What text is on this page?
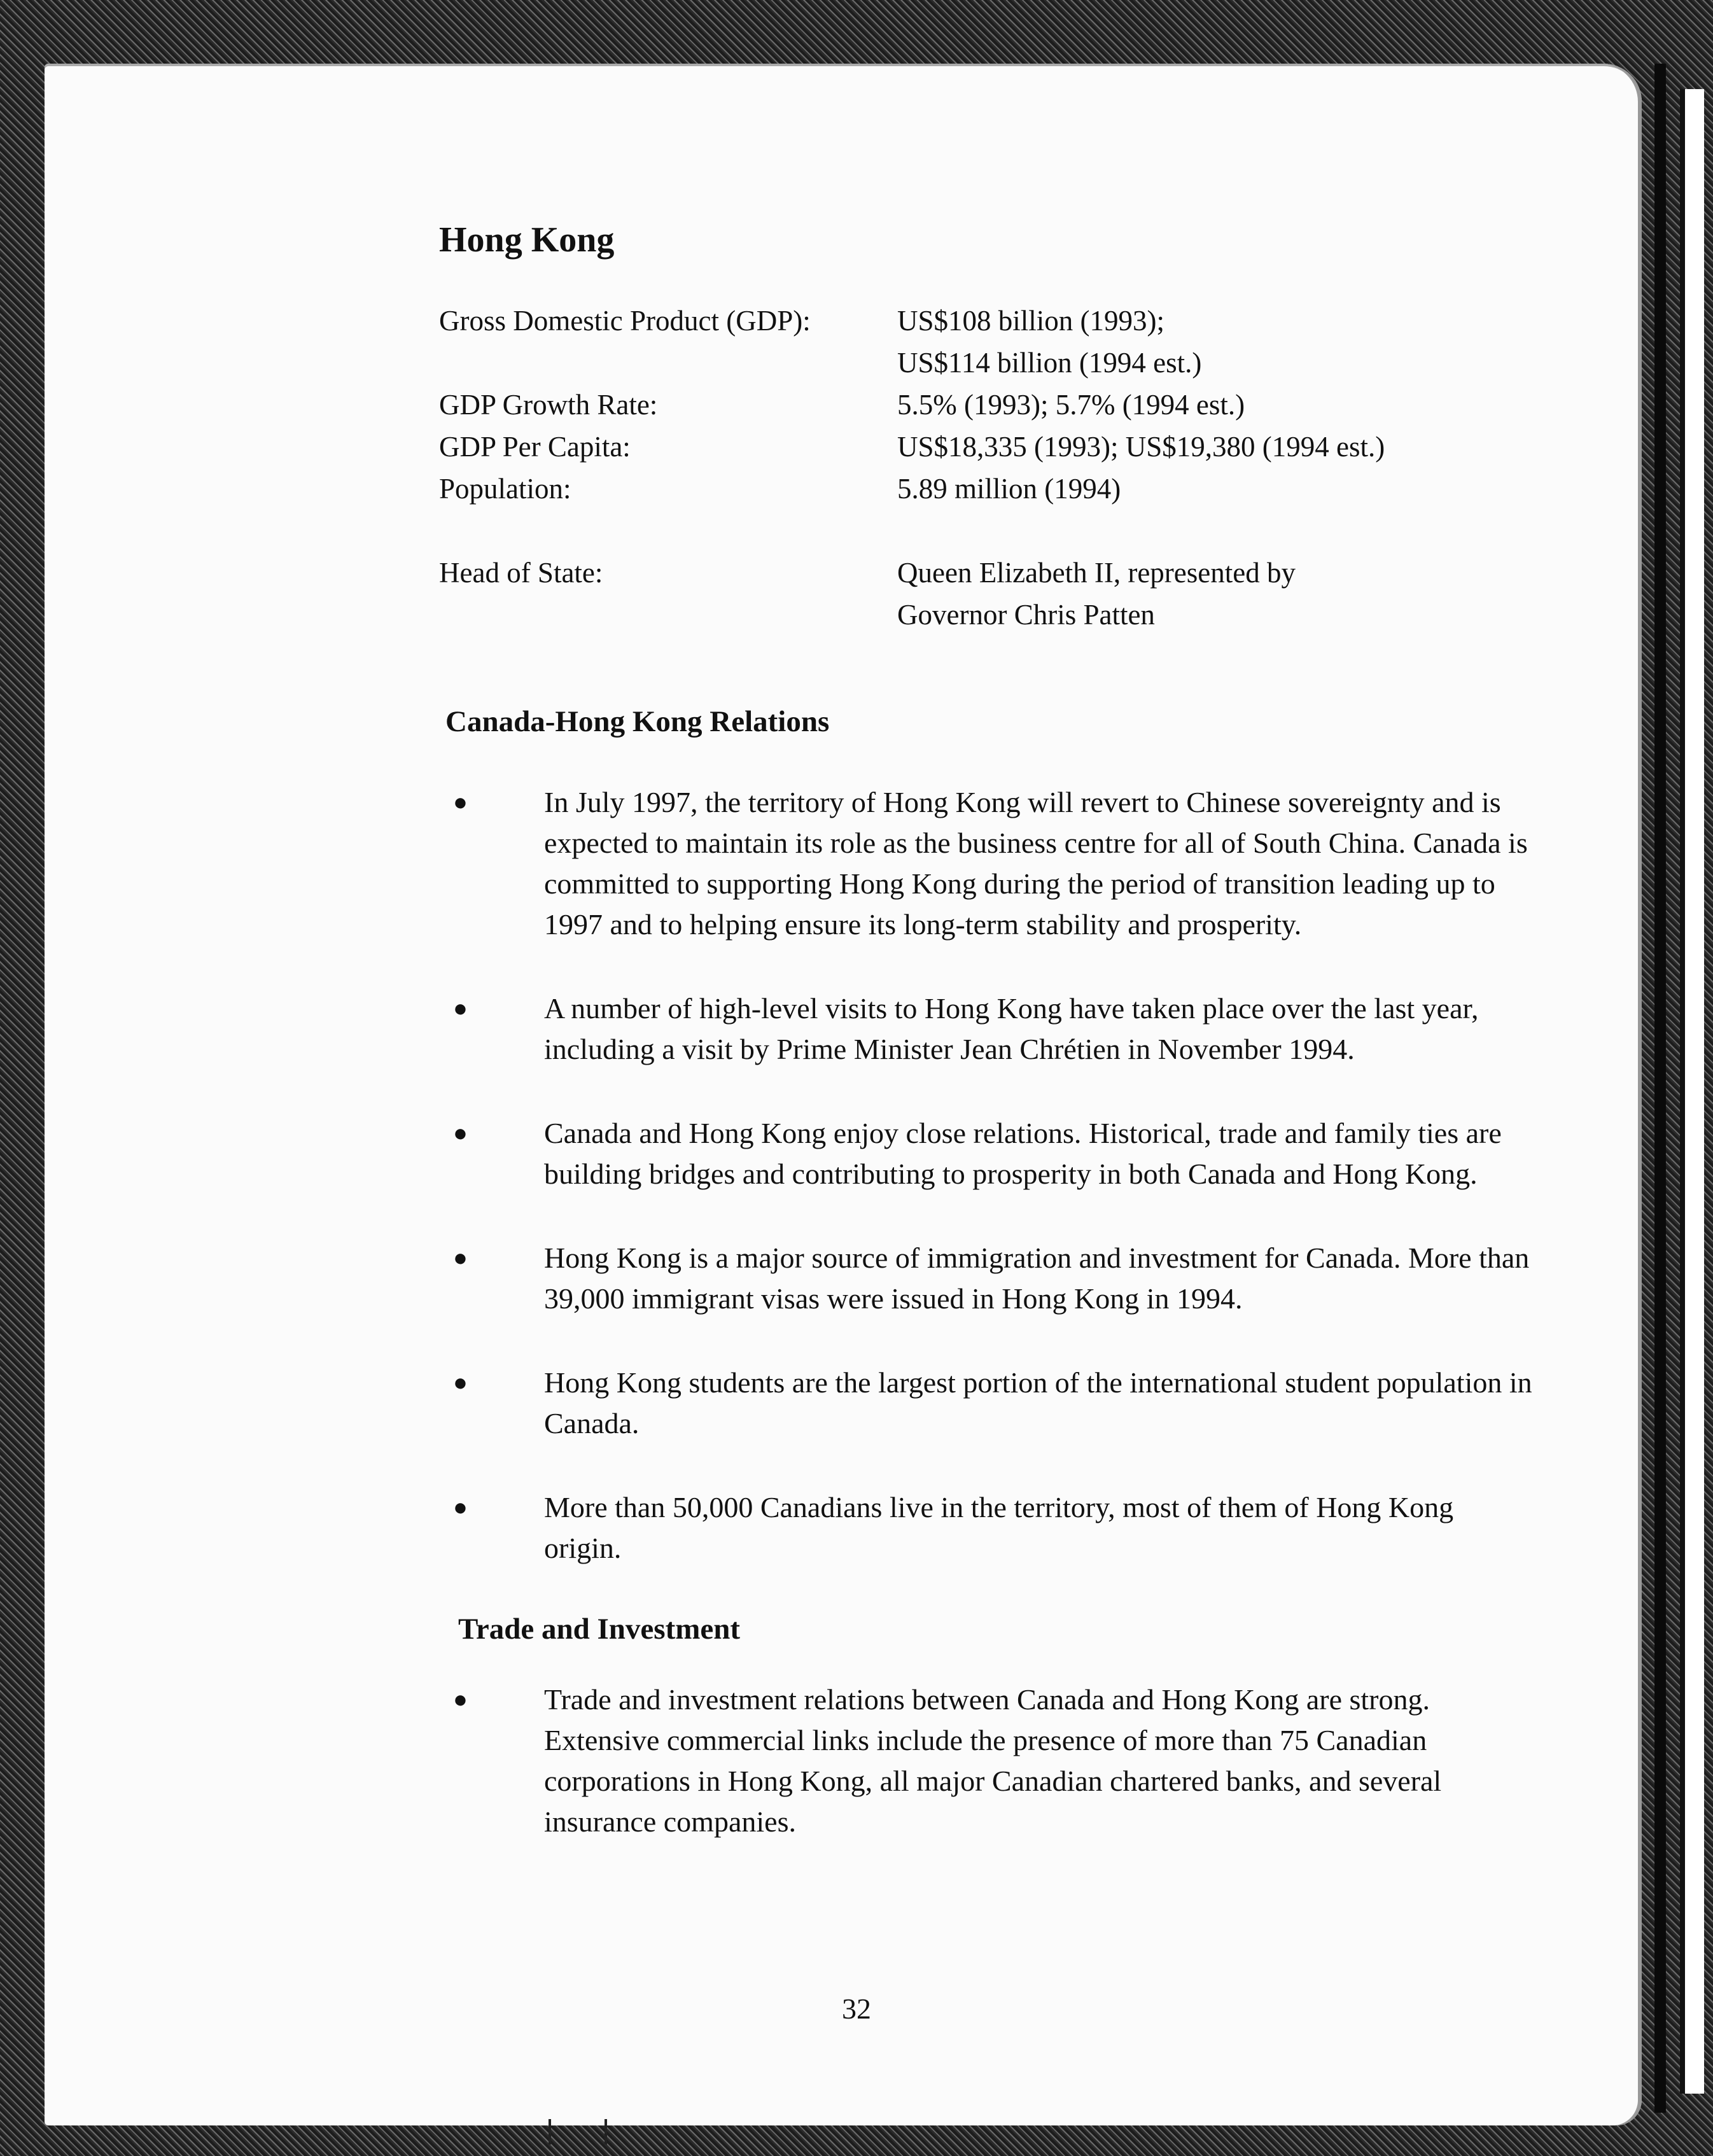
Hong Kong
Gross Domestic Product (GDP):	US$108 billion (1993);
US$114 billion (1994 est.)
GDP Growth Rate:	5.5% (1993); 5.7% (1994 est.)
GDP Per Capita:	US$18,335 (1993); US$19,380 (1994 est.)
Population:	5.89 million (1994)
Head of State:	Queen Elizabeth II, represented by
Governor Chris Patten
Canada-Hong Kong Relations
●	In July 1997, the territory of Hong Kong will revert to Chinese sovereignty and is expected to maintain its role as the business centre for all of South China. Canada is committed to supporting Hong Kong during the period of transition leading up to 1997 and to helping ensure its long-term stability and prosperity.
●	A number of high-level visits to Hong Kong have taken place over the last year, including a visit by Prime Minister Jean Chrétien in November 1994.
●	Canada and Hong Kong enjoy close relations. Historical, trade and family ties are building bridges and contributing to prosperity in both Canada and Hong Kong.
●	Hong Kong is a major source of immigration and investment for Canada. More than 39,000 immigrant visas were issued in Hong Kong in 1994.
●	Hong Kong students are the largest portion of the international student population in Canada.
●	More than 50,000 Canadians live in the territory, most of them of Hong Kong origin.
Trade and Investment
●	Trade and investment relations between Canada and Hong Kong are strong. Extensive commercial links include the presence of more than 75 Canadian corporations in Hong Kong, all major Canadian chartered banks, and several insurance companies.
32
